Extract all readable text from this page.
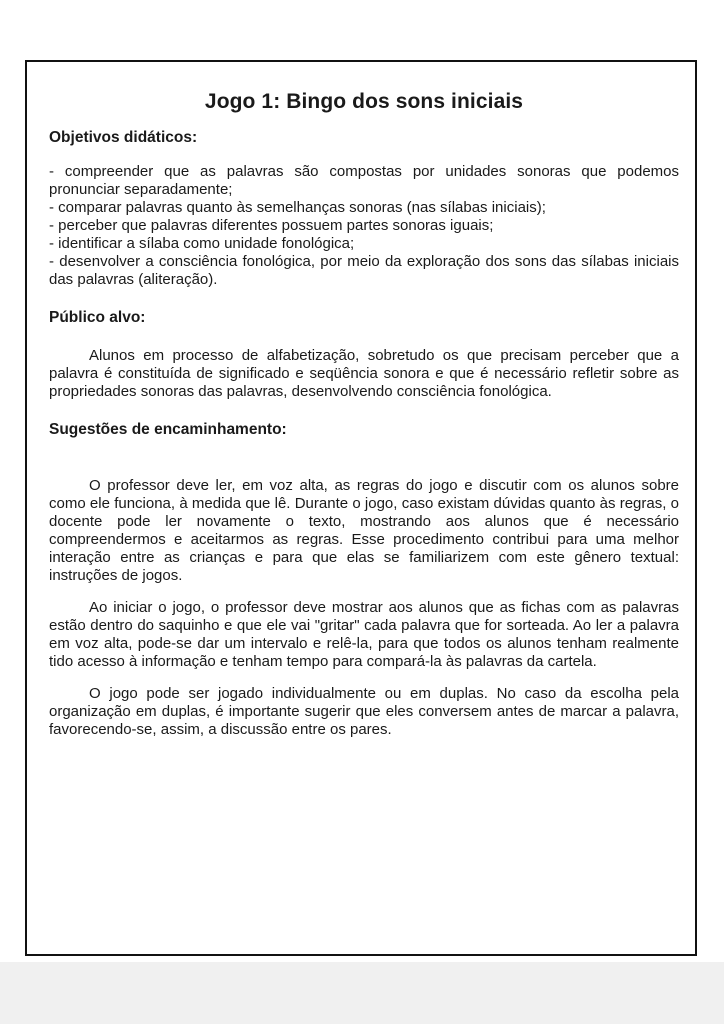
Jogo 1: Bingo dos sons iniciais
Objetivos didáticos:
- compreender que as palavras são compostas por unidades sonoras que podemos pronunciar separadamente;
- comparar palavras quanto às semelhanças sonoras (nas sílabas iniciais);
- perceber que palavras diferentes possuem partes sonoras iguais;
- identificar a sílaba como unidade fonológica;
- desenvolver a consciência fonológica, por meio da exploração dos sons das sílabas iniciais das palavras (aliteração).
Público alvo:

Alunos em processo de alfabetização, sobretudo os que precisam perceber que a palavra é constituída de significado e seqüência sonora e que é necessário refletir sobre as propriedades sonoras das palavras, desenvolvendo consciência fonológica.

Sugestões de encaminhamento:

O professor deve ler, em voz alta, as regras do jogo e discutir com os alunos sobre como ele funciona, à medida que lê. Durante o jogo, caso existam dúvidas quanto às regras, o docente pode ler novamente o texto, mostrando aos alunos que é necessário compreendermos e aceitarmos as regras. Esse procedimento contribui para uma melhor interação entre as crianças e para que elas se familiarizem com este gênero textual: instruções de jogos.

Ao iniciar o jogo, o professor deve mostrar aos alunos que as fichas com as palavras estão dentro do saquinho e que ele vai "gritar" cada palavra que for sorteada. Ao ler a palavra em voz alta, pode-se dar um intervalo e relê-la, para que todos os alunos tenham realmente tido acesso à informação e tenham tempo para compará-la às palavras da cartela.

O jogo pode ser jogado individualmente ou em duplas. No caso da escolha pela organização em duplas, é importante sugerir que eles conversem antes de marcar a palavra, favorecendo-se, assim, a discussão entre os pares.
